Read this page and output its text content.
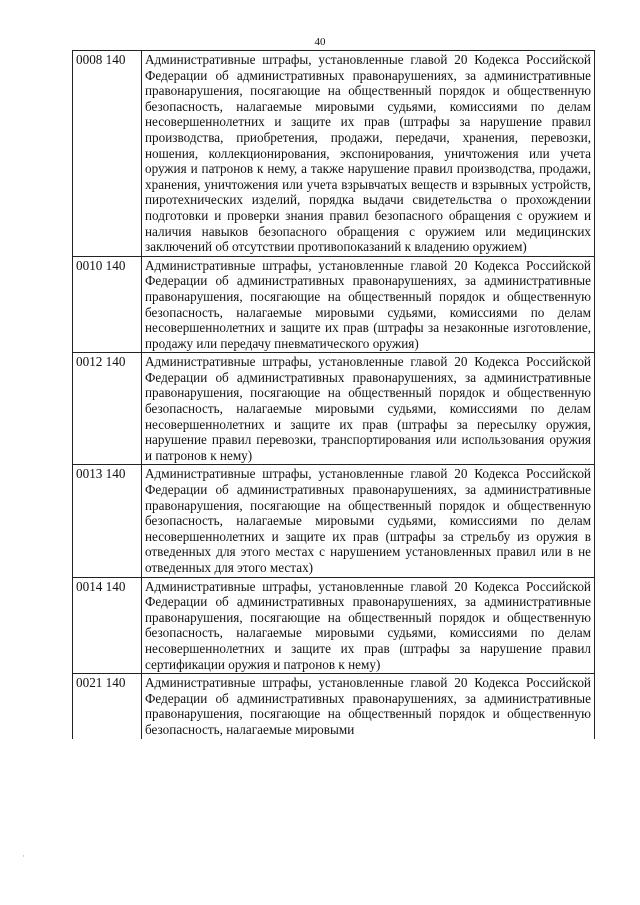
40
0008 140	Административные штрафы, установленные главой 20 Кодекса Российской Федерации об административных правонарушениях, за административные правонарушения, посягающие на общественный порядок и общественную безопасность, налагаемые мировыми судьями, комиссиями по делам несовершеннолетних и защите их прав (штрафы за нарушение правил производства, приобретения, продажи, передачи, хранения, перевозки, ношения, коллекционирования, экспонирования, уничтожения или учета оружия и патронов к нему, а также нарушение правил производства, продажи, хранения, уничтожения или учета взрывчатых веществ и взрывных устройств, пиротехнических изделий, порядка выдачи свидетельства о прохождении подготовки и проверки знания правил безопасного обращения с оружием и наличия навыков безопасного обращения с оружием или медицинских заключений об отсутствии противопоказаний к владению оружием)
0010 140	Административные штрафы, установленные главой 20 Кодекса Российской Федерации об административных правонарушениях, за административные правонарушения, посягающие на общественный порядок и общественную безопасность, налагаемые мировыми судьями, комиссиями по делам несовершеннолетних и защите их прав (штрафы за незаконные изготовление, продажу или передачу пневматического оружия)
0012 140	Административные штрафы, установленные главой 20 Кодекса Российской Федерации об административных правонарушениях, за административные правонарушения, посягающие на общественный порядок и общественную безопасность, налагаемые мировыми судьями, комиссиями по делам несовершеннолетних и защите их прав (штрафы за пересылку оружия, нарушение правил перевозки, транспортирования или использования оружия и патронов к нему)
0013 140	Административные штрафы, установленные главой 20 Кодекса Российской Федерации об административных правонарушениях, за административные правонарушения, посягающие на общественный порядок и общественную безопасность, налагаемые мировыми судьями, комиссиями по делам несовершеннолетних и защите их прав (штрафы за стрельбу из оружия в отведенных для этого местах с нарушением установленных правил или в не отведенных для этого местах)
0014 140	Административные штрафы, установленные главой 20 Кодекса Российской Федерации об административных правонарушениях, за административные правонарушения, посягающие на общественный порядок и общественную безопасность, налагаемые мировыми судьями, комиссиями по делам несовершеннолетних и защите их прав (штрафы за нарушение правил сертификации оружия и патронов к нему)
0021 140	Административные штрафы, установленные главой 20 Кодекса Российской Федерации об административных правонарушениях, за административные правонарушения, посягающие на общественный порядок и общественную безопасность, налагаемые мировыми
·
